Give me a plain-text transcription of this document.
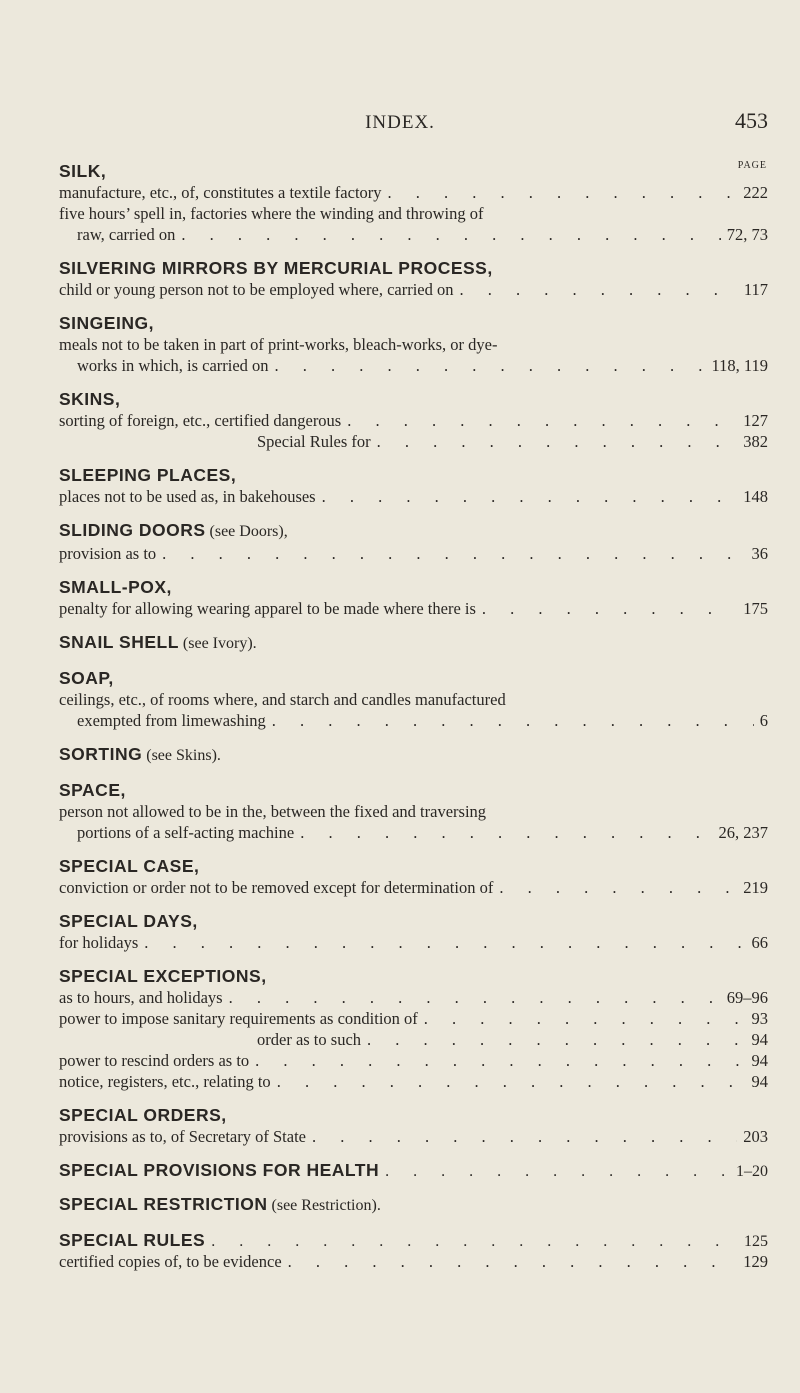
INDEX.	453
PAGE
SILK,
manufacture, etc., of, constitutes a textile factory . . .	222
five hours’ spell in, factories where the winding and throwing of
raw, carried on . . .	72, 73
SILVERING MIRRORS BY MERCURIAL PROCESS,
child or young person not to be employed where, carried on . . .	117
SINGEING,
meals not to be taken in part of print-works, bleach-works, or dye-
works in which, is carried on . . .	118, 119
SKINS,
sorting of foreign, etc., certified dangerous . . .	127
Special Rules for . . .	382
SLEEPING PLACES,
places not to be used as, in bakehouses . . .	148
SLIDING DOORS (see Doors),
provision as to . . .	36
SMALL-POX,
penalty for allowing wearing apparel to be made where there is . . .	175
SNAIL SHELL (see Ivory).
SOAP,
ceilings, etc., of rooms where, and starch and candles manufactured
exempted from limewashing . . .	6
SORTING (see Skins).
SPACE,
person not allowed to be in the, between the fixed and traversing
portions of a self-acting machine . . .	26, 237
SPECIAL CASE,
conviction or order not to be removed except for determination of . . .	219
SPECIAL DAYS,
for holidays . . .	66
SPECIAL EXCEPTIONS,
as to hours, and holidays . . .	69–96
power to impose sanitary requirements as condition of . . .	93
order as to such . . .	94
power to rescind orders as to . . .	94
notice, registers, etc., relating to . . .	94
SPECIAL ORDERS,
provisions as to, of Secretary of State . . .	203
SPECIAL PROVISIONS FOR HEALTH . . .	1–20
SPECIAL RESTRICTION (see Restriction).
SPECIAL RULES . . .	125
certified copies of, to be evidence . . .	129
